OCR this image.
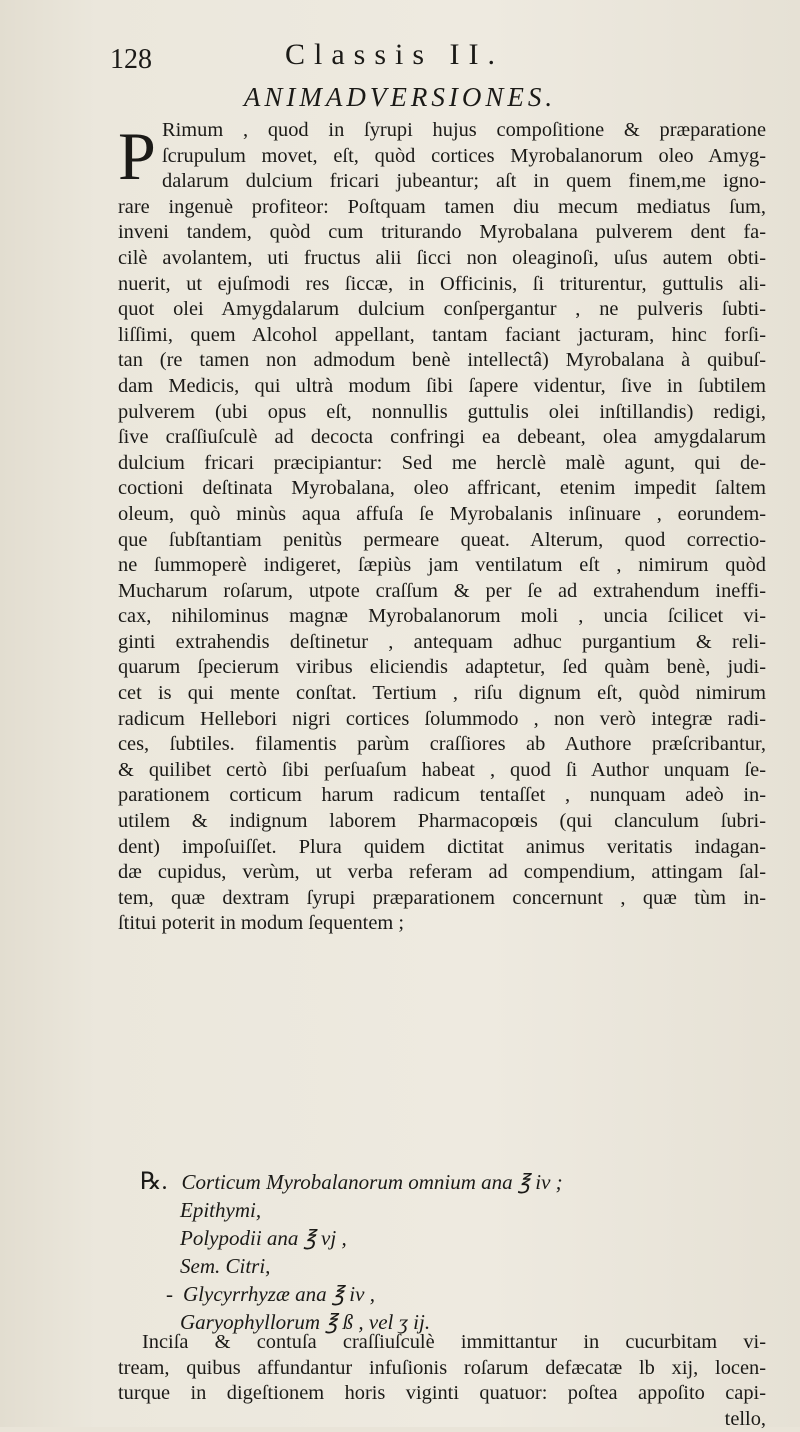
128	Classis II.
ANIMADVERSIONES.
P Rimum , quod in ſyrupi hujus compoſitione & præparatione
ſcrupulum movet, eſt, quòd cortices Myrobalanorum oleo Amyg-
dalarum dulcium fricari jubeantur; aſt in quem finem,me igno-
rare ingenuè profiteor: Poſtquam tamen diu mecum mediatus ſum,
inveni tandem, quòd cum triturando Myrobalana pulverem dent fa-
cilè avolantem, uti fructus alii ſicci non oleaginoſi, uſus autem obti-
nuerit, ut ejuſmodi res ſiccæ, in Officinis, ſi triturentur, guttulis ali-
quot olei Amygdalarum dulcium conſpergantur , ne pulveris ſubti-
liſſimi, quem Alcohol appellant, tantam faciant jacturam, hinc forſi-
tan (re tamen non admodum benè intellectâ) Myrobalana à quibuſ-
dam Medicis, qui ultrà modum ſibi ſapere videntur, ſive in ſubtilem
pulverem (ubi opus eſt, nonnullis guttulis olei inſtillandis) redigi,
ſive craſſiuſculè ad decocta confringi ea debeant, olea amygdalarum
dulcium fricari præcipiantur: Sed me herclè malè agunt, qui de-
coctioni deſtinata Myrobalana, oleo affricant, etenim impedit ſaltem
oleum, quò minùs aqua affuſa ſe Myrobalanis inſinuare , eorundem-
que ſubſtantiam penitùs permeare queat. Alterum, quod correctio-
ne ſummoperè indigeret, ſæpiùs jam ventilatum eſt , nimirum quòd
Mucharum roſarum, utpote craſſum & per ſe ad extrahendum ineffi-
cax, nihilominus magnæ Myrobalanorum moli , uncia ſcilicet vi-
ginti extrahendis deſtinetur , antequam adhuc purgantium & reli-
quarum ſpecierum viribus eliciendis adaptetur, ſed quàm benè, judi-
cet is qui mente conſtat. Tertium , riſu dignum eſt, quòd nimirum
radicum Hellebori nigri cortices ſolummodo , non verò integræ radi-
ces, ſubtiles. filamentis parùm craſſiores ab Authore præſcribantur,
& quilibet certò ſibi perſuaſum habeat , quod ſi Author unquam ſe-
parationem corticum harum radicum tentaſſet , nunquam adeò in-
utilem & indignum laborem Pharmacopœis (qui clanculum ſubri-
dent) impoſuiſſet. Plura quidem dictitat animus veritatis indagan-
dæ cupidus, verùm, ut verba referam ad compendium, attingam ſal-
tem, quæ dextram ſyrupi præparationem concernunt , quæ tùm in-
ſtitui poterit in modum ſequentem ;
℞. Corticum Myrobalanorum omnium ana ℥ iv ;
Epithymi,
Polypodii ana ℥ vj ,
Sem. Citri,
- Glycyrrhyzæ ana ℥ iv ,
Garyophyllorum ℥ ß , vel ʒ ij.
Inciſa & contuſa craſſiuſculè immittantur in cucurbitam vi-
tream, quibus affundantur infuſionis roſarum defæcatæ lb xij, locen-
turque in digeſtionem horis viginti quatuor: poſtea appoſito capi-
tello,
